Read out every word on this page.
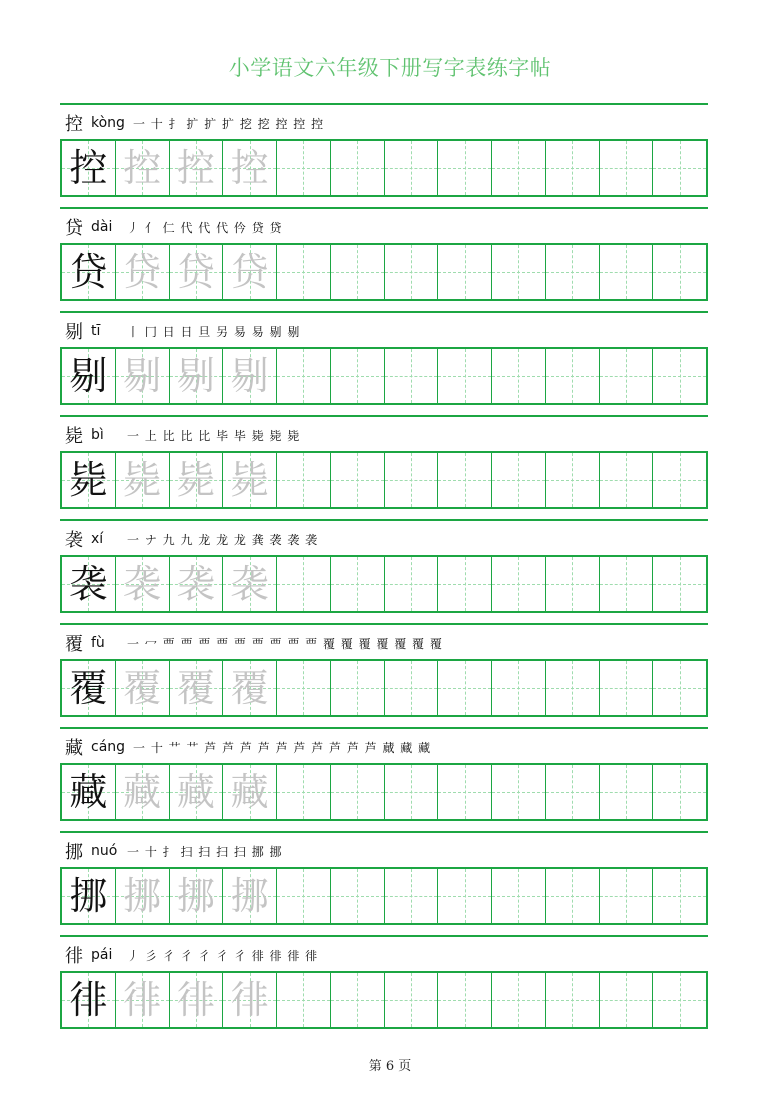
小学语文六年级下册写字表练字帖
控 kòng 一 十 扌 扩 扩 扩 挖 挖 控 控 控
控 控 控 控
贷 dài	丿 亻 仁 代 代 代 仱 贷 贷
贷 贷 贷 贷
剔 tī	丨 冂 日 日 旦 另 易 易 剔 剔
剔 剔 剔 剔
毙 bì	一 上 比 比 比 毕 毕 毙 毙 毙
毙 毙 毙 毙
袭 xí	一 ナ 九 九 龙 龙 龙 龚 袭 袭 袭
袭 袭 袭 袭
覆 fù	一 冖 覀 覀 覀 覀 覀 覀 覀 覀 覀 覆 覆 覆 覆 覆 覆 覆
覆 覆 覆 覆
藏 cáng 一 十 艹 艹 芦 芦 芦 芦 芦 芦 芦 芦 芦 芦 蕆 藏 藏
藏 藏 藏 藏
挪 nuó 一 十 扌 扫 扫 扫 扫 挪 挪
挪 挪 挪 挪
徘 pái	丿 彡 彳 彳 彳 彳 彳 徘 徘 徘 徘
徘 徘 徘 徘
第 6 页
